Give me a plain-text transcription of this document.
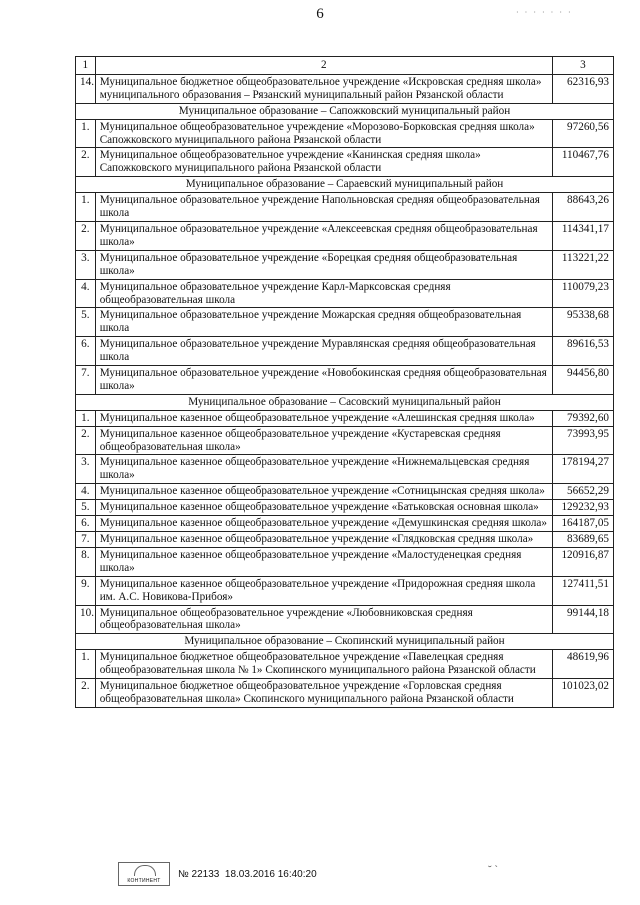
6	· · · · · · ·
1	2	3
14.	Муниципальное бюджетное общеобразовательное учреждение «Искровская средняя школа» муниципального образования – Рязанский муниципальный район Рязанской области	62316,93
Муниципальное образование – Сапожковский муниципальный район		
1.	Муниципальное общеобразовательное учреждение «Морозово-Борковская средняя школа» Сапожковского муниципального района Рязанской области	97260,56
2.	Муниципальное общеобразовательное учреждение «Канинская средняя школа» Сапожковского муниципального района Рязанской области	110467,76
Муниципальное образование – Сараевский муниципальный район		
1.	Муниципальное образовательное учреждение Напольновская средняя общеобразовательная школа	88643,26
2.	Муниципальное образовательное учреждение «Алексеевская средняя общеобразовательная школа»	114341,17
3.	Муниципальное образовательное учреждение «Борецкая средняя общеобразовательная школа»	113221,22
4.	Муниципальное образовательное учреждение Карл-Марксовская средняя общеобразовательная школа	110079,23
5.	Муниципальное образовательное учреждение Можарская средняя общеобразовательная школа	95338,68
6.	Муниципальное образовательное учреждение Муравлянская средняя общеобразовательная школа	89616,53
7.	Муниципальное образовательное учреждение «Новобокинская средняя общеобразовательная школа»	94456,80
Муниципальное образование – Сасовский муниципальный район		
1.	Муниципальное казенное общеобразовательное учреждение «Алешинская средняя школа»	79392,60
2.	Муниципальное казенное общеобразовательное учреждение «Кустаревская средняя общеобразовательная школа»	73993,95
3.	Муниципальное казенное общеобразовательное учреждение «Нижнемальцевская средняя школа»	178194,27
4.	Муниципальное казенное общеобразовательное учреждение «Сотницынская средняя школа»	56652,29
5.	Муниципальное казенное общеобразовательное учреждение «Батьковская основная школа»	129232,93
6.	Муниципальное казенное общеобразовательное учреждение «Демушкинская средняя школа»	164187,05
7.	Муниципальное казенное общеобразовательное учреждение «Глядковская средняя школа»	83689,65
8.	Муниципальное казенное общеобразовательное учреждение «Малостуденецкая средняя школа»	120916,87
9.	Муниципальное казенное общеобразовательное учреждение «Придорожная средняя школа им. А.С. Новикова-Прибоя»	127411,51
10.	Муниципальное общеобразовательное учреждение «Любовниковская средняя общеобразовательная школа»	99144,18
Муниципальное образование – Скопинский муниципальный район		
1.	Муниципальное бюджетное общеобразовательное учреждение «Павелецкая средняя общеобразовательная школа № 1» Скопинского муниципального района Рязанской области	48619,96
2.	Муниципальное бюджетное общеобразовательное учреждение «Горловская средняя общеобразовательная школа» Скопинского муниципального района Рязанской области	101023,02
КОНТИНЕНТ
№ 22133
18.03.2016 16:40:20	˘ ˋ
